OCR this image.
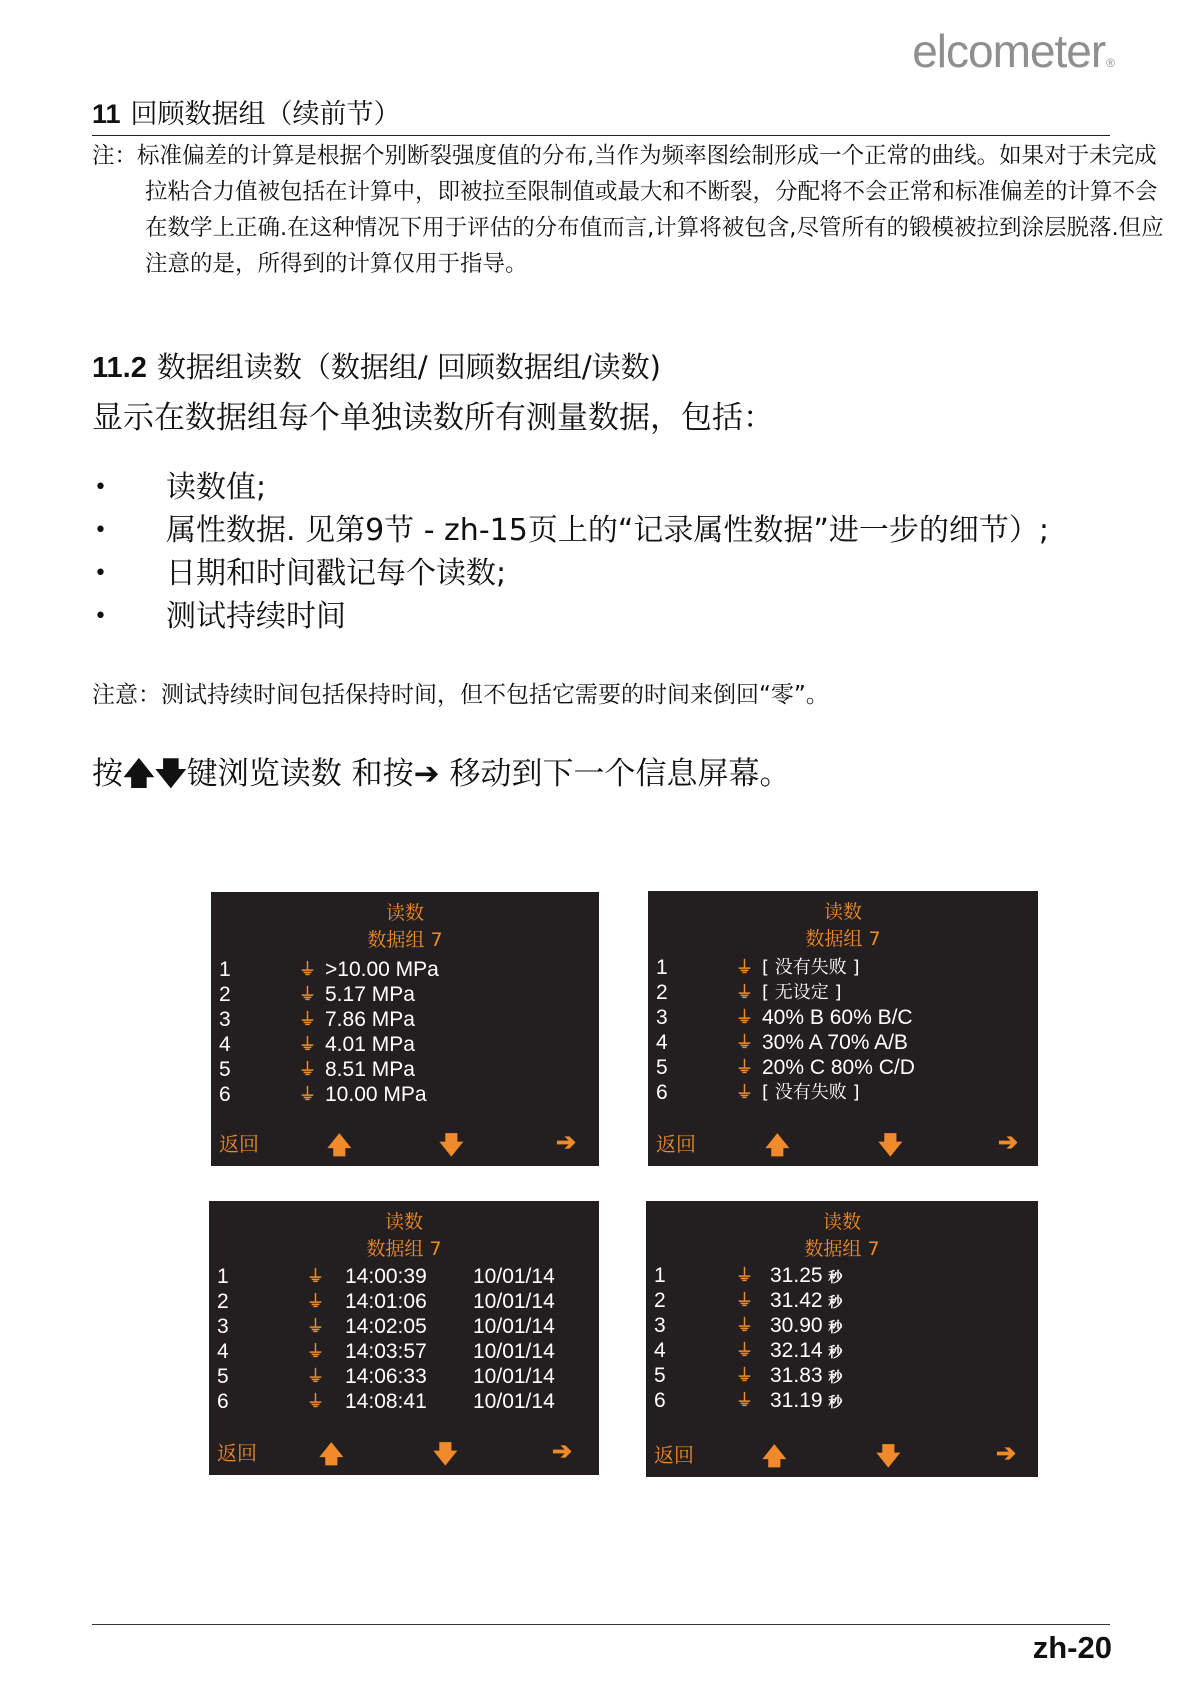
elcometer®
11 回顾数据组（续前节）
注：标准偏差的计算是根据个别断裂强度值的分布,当作为频率图绘制形成一个正常的曲线。如果对于未完成拉粘合力值被包括在计算中，即被拉至限制值或最大和不断裂，分配将不会正常和标准偏差的计算不会在数学上正确.在这种情况下用于评估的分布值而言,计算将被包含,尽管所有的锻模被拉到涂层脱落.但应注意的是，所得到的计算仅用于指导。
11.2 数据组读数（数据组/ 回顾数据组/读数)
显示在数据组每个单独读数所有测量数据，包括：
• 读数值;
• 属性数据. 见第9节 - zh-15页上的“记录属性数据”进一步的细节）;
• 日期和时间戳记每个读数;
• 测试持续时间
注意：测试持续时间包括保持时间，但不包括它需要的时间来倒回“零”。
按🡅🡇键浏览读数 和按➔ 移动到下一个信息屏幕。
读数
数据组 7
1	⏚ >10.00 MPa
2	⏚ 5.17 MPa
3	⏚ 7.86 MPa
4	⏚ 4.01 MPa
5	⏚ 8.51 MPa
6	⏚ 10.00 MPa
返回	🡅	🡇	➔
读数
数据组 7
1	⏚ [ 没有失败 ]
2	⏚ [ 无设定 ]
3	⏚ 40% B 60% B/C
4	⏚ 30% A 70% A/B
5	⏚ 20% C 80% C/D
6	⏚ [ 没有失败 ]
返回	🡅	🡇	➔
读数
数据组 7
1	⏚ 14:00:39 10/01/14
2	⏚ 14:01:06 10/01/14
3	⏚ 14:02:05 10/01/14
4	⏚ 14:03:57 10/01/14
5	⏚ 14:06:33 10/01/14
6	⏚ 14:08:41 10/01/14
返回	🡅	🡇	➔
读数
数据组 7
1	⏚ 31.25 秒
2	⏚ 31.42 秒
3	⏚ 30.90 秒
4	⏚ 32.14 秒
5	⏚ 31.83 秒
6	⏚ 31.19 秒
返回	🡅	🡇	➔
zh-20
